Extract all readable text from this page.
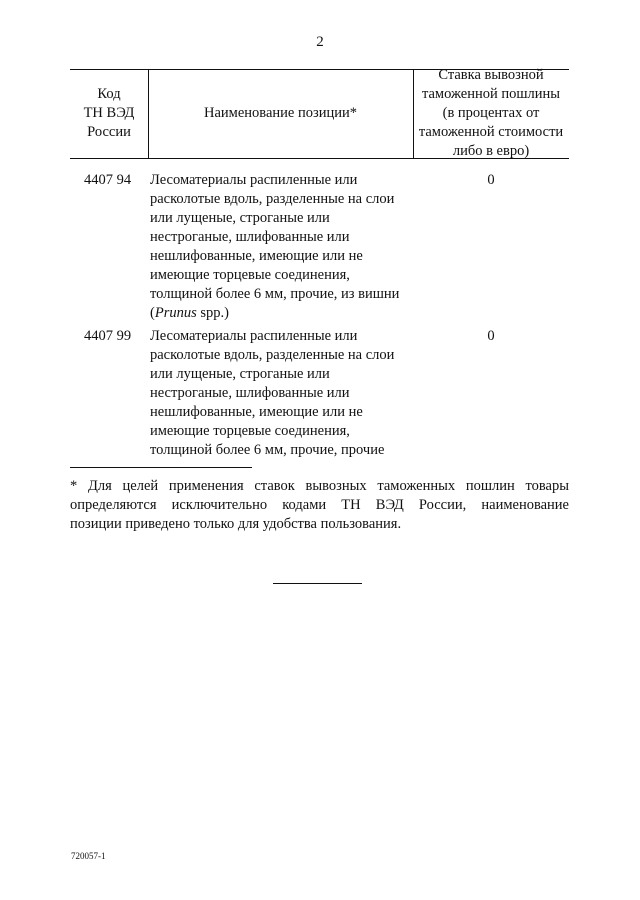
2
Код
ТН ВЭД
России
Наименование позиции*
Ставка вывозной
таможенной пошлины
(в процентах от
таможенной стоимости
либо в евро)
4407 94	Лесоматериалы распиленные или
расколотые вдоль, разделенные на слои
или лущеные, строганые или
нестроганые, шлифованные или
нешлифованные, имеющие или не
имеющие торцевые соединения,
толщиной более 6 мм, прочие, из вишни
(Prunus spp.)
0
4407 99	Лесоматериалы распиленные или
расколотые вдоль, разделенные на слои
или лущеные, строганые или
нестроганые, шлифованные или
нешлифованные, имеющие или не
имеющие торцевые соединения,
толщиной более 6 мм, прочие, прочие
0
* Для целей применения ставок вывозных таможенных пошлин товары
определяются исключительно кодами ТН ВЭД России, наименование
позиции приведено только для удобства пользования.
720057-1
